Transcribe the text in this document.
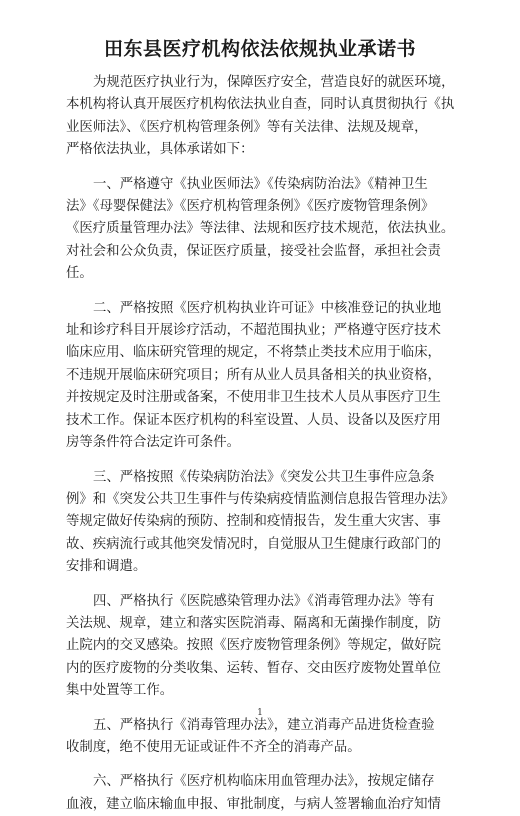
田东县医疗机构依法依规执业承诺书

为规范医疗执业行为，保障医疗安全，营造良好的就医环境，
本机构将认真开展医疗机构依法执业自查，同时认真贯彻执行《执
业医师法》、《医疗机构管理条例》等有关法律、法规及规章，
严格依法执业，具体承诺如下：

一、严格遵守《执业医师法》《传染病防治法》《精神卫生
法》《母婴保健法》《医疗机构管理条例》《医疗废物管理条例》
《医疗质量管理办法》等法律、法规和医疗技术规范，依法执业。
对社会和公众负责，保证医疗质量，接受社会监督，承担社会责
任。

二、严格按照《医疗机构执业许可证》中核准登记的执业地
址和诊疗科目开展诊疗活动，不超范围执业；严格遵守医疗技术
临床应用、临床研究管理的规定，不将禁止类技术应用于临床，
不违规开展临床研究项目；所有从业人员具备相关的执业资格，
并按规定及时注册或备案，不使用非卫生技术人员从事医疗卫生
技术工作。保证本医疗机构的科室设置、人员、设备以及医疗用
房等条件符合法定许可条件。

三、严格按照《传染病防治法》《突发公共卫生事件应急条
例》和《突发公共卫生事件与传染病疫情监测信息报告管理办法》
等规定做好传染病的预防、控制和疫情报告，发生重大灾害、事
故、疾病流行或其他突发情况时，自觉服从卫生健康行政部门的
安排和调遣。

四、严格执行《医院感染管理办法》《消毒管理办法》等有
关法规、规章，建立和落实医院消毒、隔离和无菌操作制度，防
止院内的交叉感染。按照《医疗废物管理条例》等规定，做好院
内的医疗废物的分类收集、运转、暂存、交由医疗废物处置单位
集中处置等工作。

五、严格执行《消毒管理办法》，建立消毒产品进货检查验
收制度，绝不使用无证或证件不齐全的消毒产品。

六、严格执行《医疗机构临床用血管理办法》，按规定储存
血液，建立临床输血申报、审批制度，与病人签署输血治疗知情

1
